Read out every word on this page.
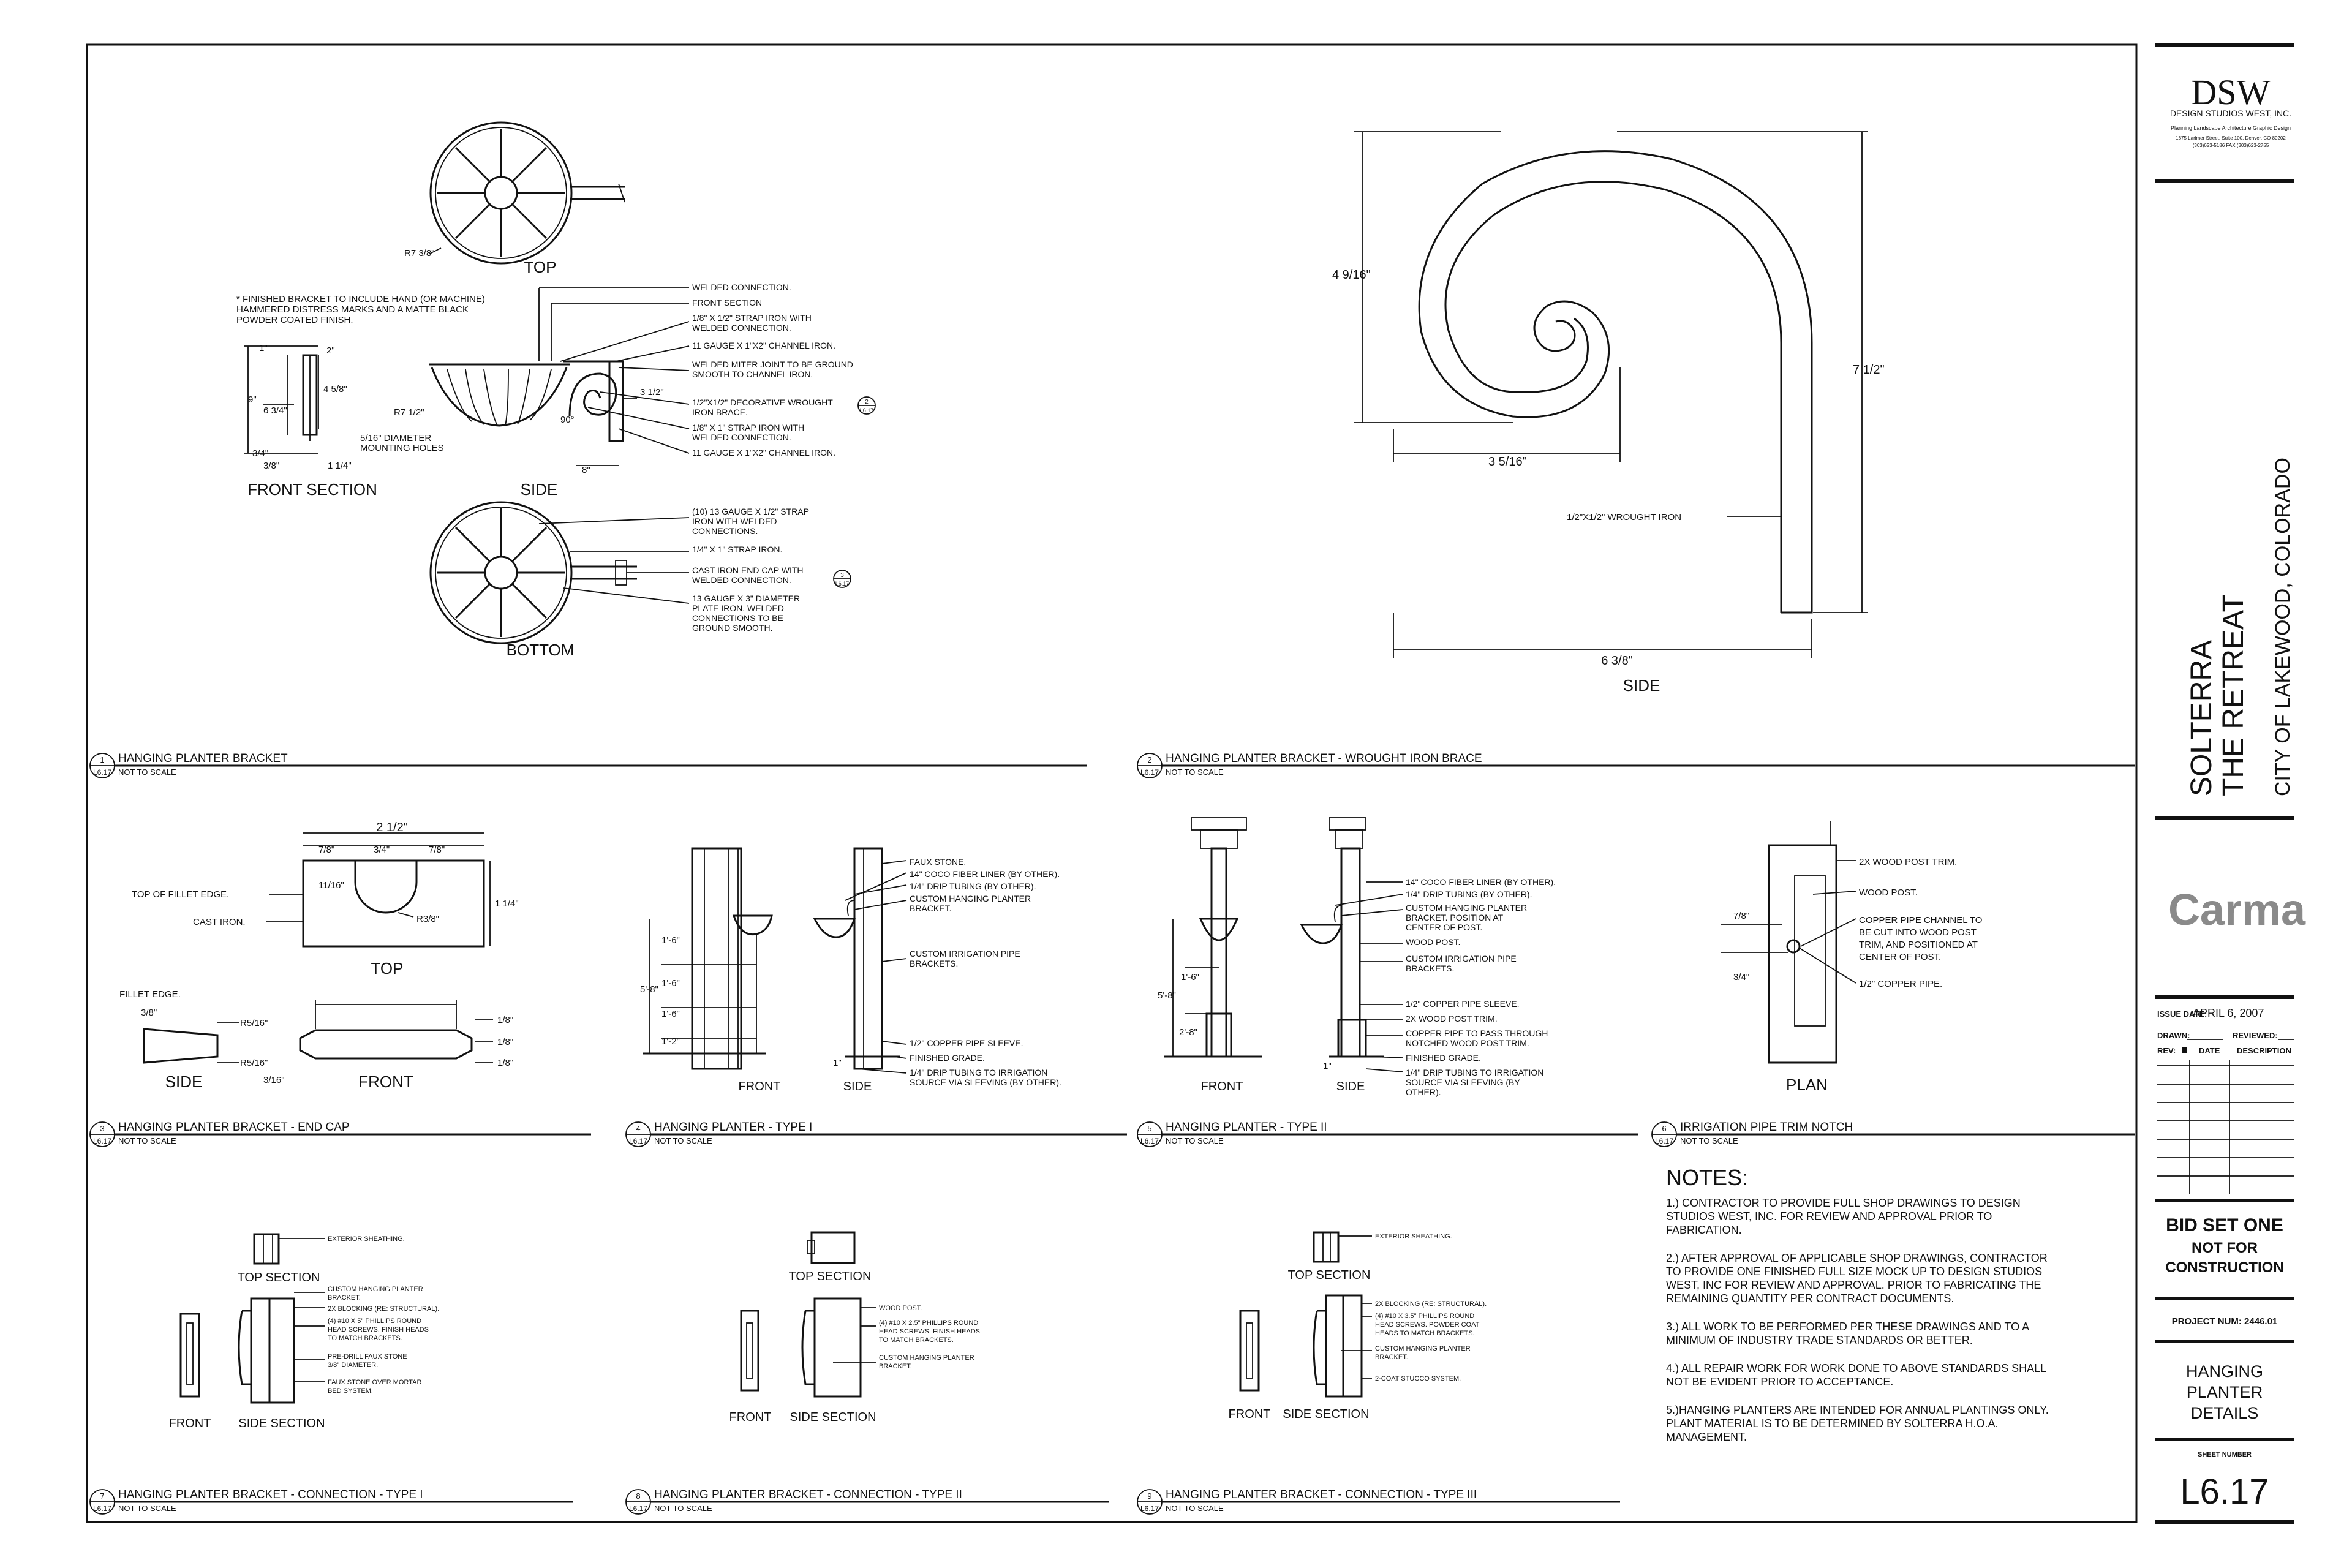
DSW
DESIGN STUDIOS WEST, INC.
Planning Landscape Architecture Graphic Design
1675 Larimer Street, Suite 100, Denver, CO 80202
(303)623-5186 FAX (303)623-2755
SOLTERRA THE RETREAT CITY OF LAKEWOOD, COLORADO
Carma
ISSUE DATE:
APRIL 6, 2007
DRAWN:	REVIEWED:
REV:	DATE DESCRIPTION
BID SET ONE
NOT FOR
CONSTRUCTION
PROJECT NUM: 2446.01
HANGING
PLANTER
DETAILS
SHEET NUMBER
L6.17
R7 3/8"
TOP
* FINISHED BRACKET TO INCLUDE HAND (OR MACHINE)
HAMMERED DISTRESS MARKS AND A MATTE BLACK
POWDER COATED FINISH.
1"	2"
9"
6 3/4"
4 5/8"
3/4"
3/8"	1 1/4"
5/16" DIAMETER
MOUNTING HOLES
FRONT SECTION
3 1/2"
90°
8"
R7 1/2"
SIDE
WELDED CONNECTION.
FRONT SECTION
1/8" X 1/2" STRAP IRON WITH
WELDED CONNECTION.
11 GAUGE X 1"X2" CHANNEL IRON.
WELDED MITER JOINT TO BE GROUND
SMOOTH TO CHANNEL IRON.
1/2"X1/2" DECORATIVE WROUGHT
IRON BRACE.
1/8" X 1" STRAP IRON WITH
WELDED CONNECTION.
11 GAUGE X 1"X2" CHANNEL IRON.
2
L6.17
BOTTOM
(10) 13 GAUGE X 1/2" STRAP
IRON WITH WELDED
CONNECTIONS.
1/4" X 1" STRAP IRON.
CAST IRON END CAP WITH
WELDED CONNECTION.
13 GAUGE X 3" DIAMETER
PLATE IRON. WELDED
CONNECTIONS TO BE
GROUND SMOOTH.
3
L6.17
4 9/16"
7 1/2"
3 5/16"
6 3/8"
1/2"X1/2" WROUGHT IRON
SIDE
2 1/2"
7/8"	3/4"	7/8"
11/16"
1 1/4"
R3/8"
TOP OF FILLET EDGE.
CAST IRON.
TOP
FILLET EDGE.
3/8"
R5/16"
R5/16"
SIDE
1/8"
1/8"
1/8"
3/16"	FRONT
5'-8"
1'-6"
1'-6"
1'-6"
1'-2"
FRONT
1"
SIDE
FAUX STONE.
14" COCO FIBER LINER (BY OTHER).
1/4" DRIP TUBING (BY OTHER).
CUSTOM HANGING PLANTER
BRACKET.
CUSTOM IRRIGATION PIPE
BRACKETS.
1/2" COPPER PIPE SLEEVE.
FINISHED GRADE.
1/4" DRIP TUBING TO IRRIGATION
SOURCE VIA SLEEVING (BY OTHER).
5'-8"
1'-6"
2'-8"
FRONT
1"
SIDE
14" COCO FIBER LINER (BY OTHER).
1/4" DRIP TUBING (BY OTHER).
CUSTOM HANGING PLANTER
BRACKET. POSITION AT
CENTER OF POST.
WOOD POST.
CUSTOM IRRIGATION PIPE
BRACKETS.
1/2" COPPER PIPE SLEEVE.
2X WOOD POST TRIM.
COPPER PIPE TO PASS THROUGH
NOTCHED WOOD POST TRIM.
FINISHED GRADE.
1/4" DRIP TUBING TO IRRIGATION
SOURCE VIA SLEEVING (BY
OTHER).
7/8"
3/4"
PLAN
2X WOOD POST TRIM.
WOOD POST.
COPPER PIPE CHANNEL TO
BE CUT INTO WOOD POST
TRIM, AND POSITIONED AT
CENTER OF POST.
1/2" COPPER PIPE.
NOTES:
1.) CONTRACTOR TO PROVIDE FULL SHOP DRAWINGS TO DESIGN
STUDIOS WEST, INC. FOR REVIEW AND APPROVAL PRIOR TO
FABRICATION.
2.) AFTER APPROVAL OF APPLICABLE SHOP DRAWINGS, CONTRACTOR
TO PROVIDE ONE FINISHED FULL SIZE MOCK UP TO DESIGN STUDIOS
WEST, INC FOR REVIEW AND APPROVAL. PRIOR TO FABRICATING THE
REMAINING QUANTITY PER CONTRACT DOCUMENTS.
3.) ALL WORK TO BE PERFORMED PER THESE DRAWINGS AND TO A
MINIMUM OF INDUSTRY TRADE STANDARDS OR BETTER.
4.) ALL REPAIR WORK FOR WORK DONE TO ABOVE STANDARDS SHALL
NOT BE EVIDENT PRIOR TO ACCEPTANCE.
5.)HANGING PLANTERS ARE INTENDED FOR ANNUAL PLANTINGS ONLY.
PLANT MATERIAL IS TO BE DETERMINED BY SOLTERRA H.O.A.
MANAGEMENT.
TOP SECTION
FRONT SIDE SECTION
EXTERIOR SHEATHING.
CUSTOM HANGING PLANTER
BRACKET.
2X BLOCKING (RE: STRUCTURAL).
(4) #10 X 5" PHILLIPS ROUND
HEAD SCREWS. FINISH HEADS
TO MATCH BRACKETS.
PRE-DRILL FAUX STONE
3/8" DIAMETER.
FAUX STONE OVER MORTAR
BED SYSTEM.
TOP SECTION
FRONT SIDE SECTION
WOOD POST.
(4) #10 X 2.5" PHILLIPS ROUND
HEAD SCREWS. FINISH HEADS
TO MATCH BRACKETS.
CUSTOM HANGING PLANTER
BRACKET.
TOP SECTION
FRONT SIDE SECTION
EXTERIOR SHEATHING.
2X BLOCKING (RE: STRUCTURAL).
(4) #10 X 3.5" PHILLIPS ROUND
HEAD SCREWS. POWDER COAT
HEADS TO MATCH BRACKETS.
CUSTOM HANGING PLANTER
BRACKET.
2-COAT STUCCO SYSTEM.
1
L6.17
HANGING PLANTER BRACKET
NOT TO SCALE
2
L6.17
HANGING PLANTER BRACKET - WROUGHT IRON BRACE
NOT TO SCALE
3
L6.17
HANGING PLANTER BRACKET - END CAP
NOT TO SCALE
4
L6.17
HANGING PLANTER - TYPE I
NOT TO SCALE
5
L6.17
HANGING PLANTER - TYPE II
NOT TO SCALE
6
L6.17
IRRIGATION PIPE TRIM NOTCH
NOT TO SCALE
7
L6.17
HANGING PLANTER BRACKET - CONNECTION - TYPE I
NOT TO SCALE
8
L6.17
HANGING PLANTER BRACKET - CONNECTION - TYPE II
NOT TO SCALE
9
L6.17
HANGING PLANTER BRACKET - CONNECTION - TYPE III
NOT TO SCALE
